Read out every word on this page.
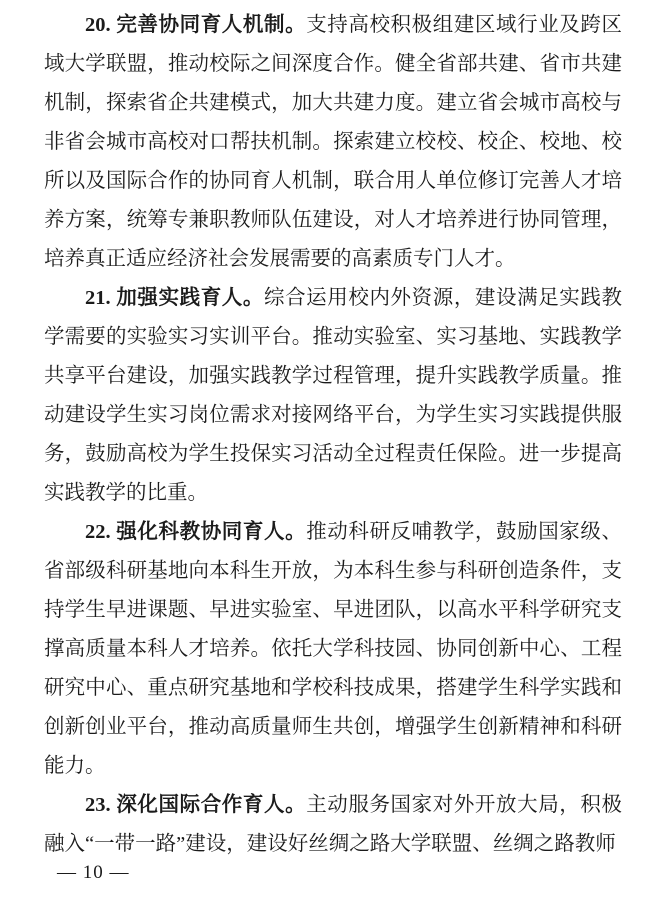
20. 完善协同育人机制。支持高校积极组建区域行业及跨区域大学联盟，推动校际之间深度合作。健全省部共建、省市共建机制，探索省企共建模式，加大共建力度。建立省会城市高校与非省会城市高校对口帮扶机制。探索建立校校、校企、校地、校所以及国际合作的协同育人机制，联合用人单位修订完善人才培养方案，统筹专兼职教师队伍建设，对人才培养进行协同管理，培养真正适应经济社会发展需要的高素质专门人才。

21. 加强实践育人。综合运用校内外资源，建设满足实践教学需要的实验实习实训平台。推动实验室、实习基地、实践教学共享平台建设，加强实践教学过程管理，提升实践教学质量。推动建设学生实习岗位需求对接网络平台，为学生实习实践提供服务，鼓励高校为学生投保实习活动全过程责任保险。进一步提高实践教学的比重。

22. 强化科教协同育人。推动科研反哺教学，鼓励国家级、省部级科研基地向本科生开放，为本科生参与科研创造条件，支持学生早进课题、早进实验室、早进团队，以高水平科学研究支撑高质量本科人才培养。依托大学科技园、协同创新中心、工程研究中心、重点研究基地和学校科技成果，搭建学生科学实践和创新创业平台，推动高质量师生共创，增强学生创新精神和科研能力。

23. 深化国际合作育人。主动服务国家对外开放大局，积极融入“一带一路”建设，建设好丝绸之路大学联盟、丝绸之路教师

— 10 —
